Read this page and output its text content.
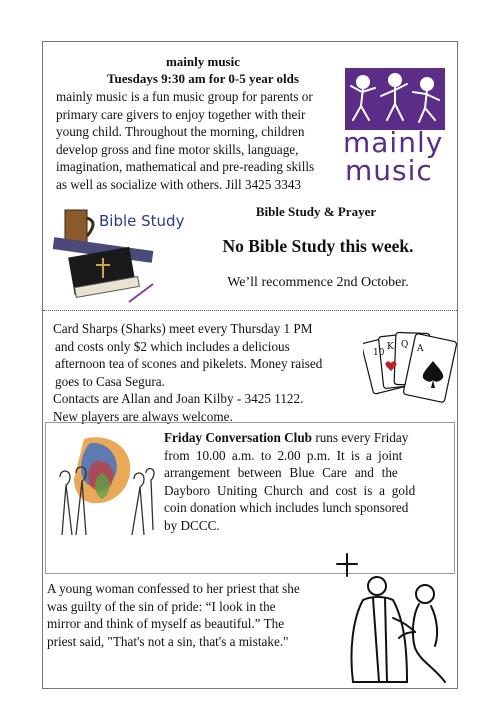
mainly music
Tuesdays 9:30 am for 0-5 year olds
mainly music is a fun music group for parents or
primary care givers to enjoy together with their
young child. Throughout the morning, children
develop gross and fine motor skills, language,
imagination, mathematical and pre-reading skills
as well as socialize with others. Jill 3425 3343
mainly
music
Bible Study
Bible Study & Prayer
No Bible Study this week.
We’ll recommence 2nd October.
Card Sharps (Sharks) meet every Thursday 1 PM
and costs only $2 which includes a delicious
afternoon tea of scones and pikelets. Money raised
goes to Casa Segura.
Contacts are Allan and Joan Kilby - 3425 1122.
New players are always welcome.
10
K Q A
Friday Conversation Club runs every Friday
from 10.00 a.m. to 2.00 p.m. It is a joint
arrangement between Blue Care and the
Dayboro Uniting Church and cost is a gold
coin donation which includes lunch sponsored
by DCCC.
A young woman confessed to her priest that she
was guilty of the sin of pride: “I look in the
mirror and think of myself as beautiful.” The
priest said, "That's not a sin, that's a mistake."
